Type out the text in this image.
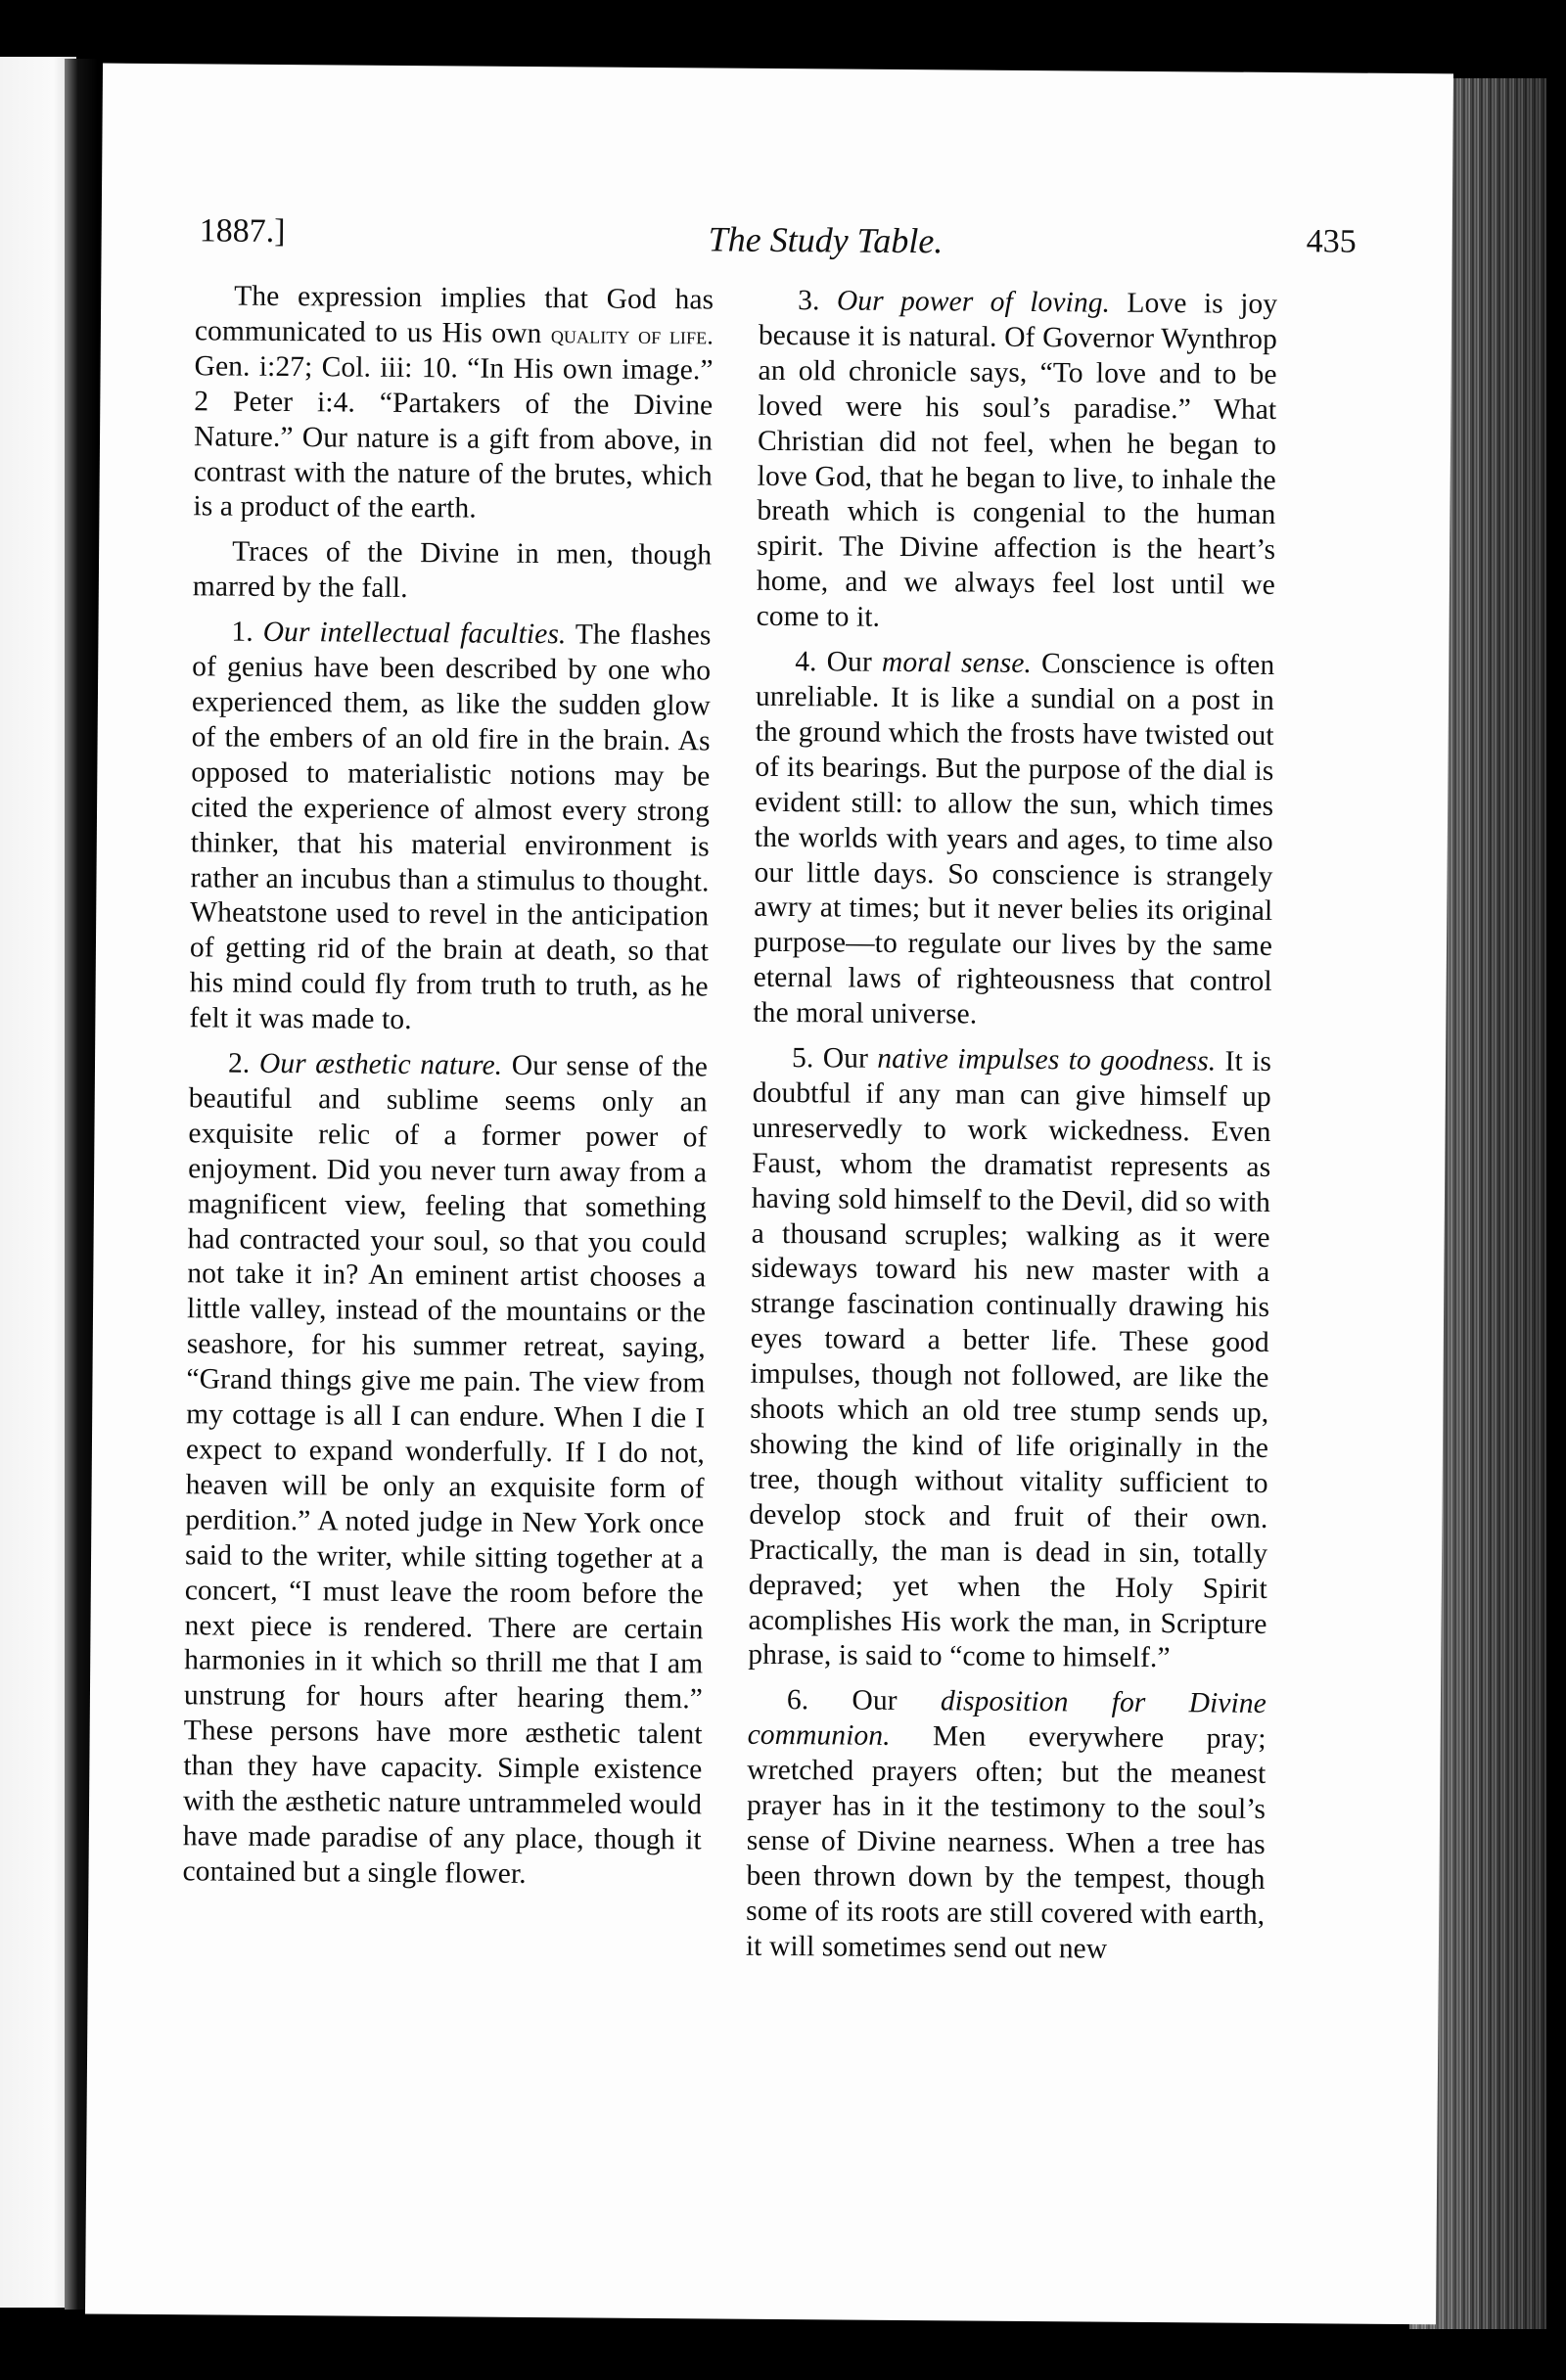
1887.]	The Study Table.	435

The expression implies that God has communicated to us His own quality of life. Gen. i:27; Col. iii: 10. “In His own image.” 2 Peter i:4. “Partakers of the Divine Nature.” Our nature is a gift from above, in contrast with the nature of the brutes, which is a product of the earth.

Traces of the Divine in men, though marred by the fall.

1. Our intellectual faculties. The flashes of genius have been described by one who experienced them, as like the sudden glow of the embers of an old fire in the brain. As opposed to materialistic notions may be cited the experience of almost every strong thinker, that his material environment is rather an incubus than a stimulus to thought. Wheatstone used to revel in the anticipation of getting rid of the brain at death, so that his mind could fly from truth to truth, as he felt it was made to.

2. Our æsthetic nature. Our sense of the beautiful and sublime seems only an exquisite relic of a former power of enjoyment. Did you never turn away from a magnificent view, feeling that something had contracted your soul, so that you could not take it in? An eminent artist chooses a little valley, instead of the mountains or the seashore, for his summer retreat, saying, “Grand things give me pain. The view from my cottage is all I can endure. When I die I expect to expand wonderfully. If I do not, heaven will be only an exquisite form of perdition.” A noted judge in New York once said to the writer, while sitting together at a concert, “I must leave the room before the next piece is rendered. There are certain harmonies in it which so thrill me that I am unstrung for hours after hearing them.” These persons have more æsthetic talent than they have capacity. Simple existence with the æsthetic nature untrammeled would have made paradise of any place, though it contained but a single flower.

3. Our power of loving. Love is joy because it is natural. Of Governor Wynthrop an old chronicle says, “To love and to be loved were his soul’s paradise.” What Christian did not feel, when he began to love God, that he began to live, to inhale the breath which is congenial to the human spirit. The Divine affection is the heart’s home, and we always feel lost until we come to it.

4. Our moral sense. Conscience is often unreliable. It is like a sundial on a post in the ground which the frosts have twisted out of its bearings. But the purpose of the dial is evident still: to allow the sun, which times the worlds with years and ages, to time also our little days. So conscience is strangely awry at times; but it never belies its original purpose—to regulate our lives by the same eternal laws of righteousness that control the moral universe.

5. Our native impulses to goodness. It is doubtful if any man can give himself up unreservedly to work wickedness. Even Faust, whom the dramatist represents as having sold himself to the Devil, did so with a thousand scruples; walking as it were sideways toward his new master with a strange fascination continually drawing his eyes toward a better life. These good impulses, though not followed, are like the shoots which an old tree stump sends up, showing the kind of life originally in the tree, though without vitality sufficient to develop stock and fruit of their own. Practically, the man is dead in sin, totally depraved; yet when the Holy Spirit acomplishes His work the man, in Scripture phrase, is said to “come to himself.”

6. Our disposition for Divine communion. Men everywhere pray; wretched prayers often; but the meanest prayer has in it the testimony to the soul’s sense of Divine nearness. When a tree has been thrown down by the tempest, though some of its roots are still covered with earth, it will sometimes send out new
